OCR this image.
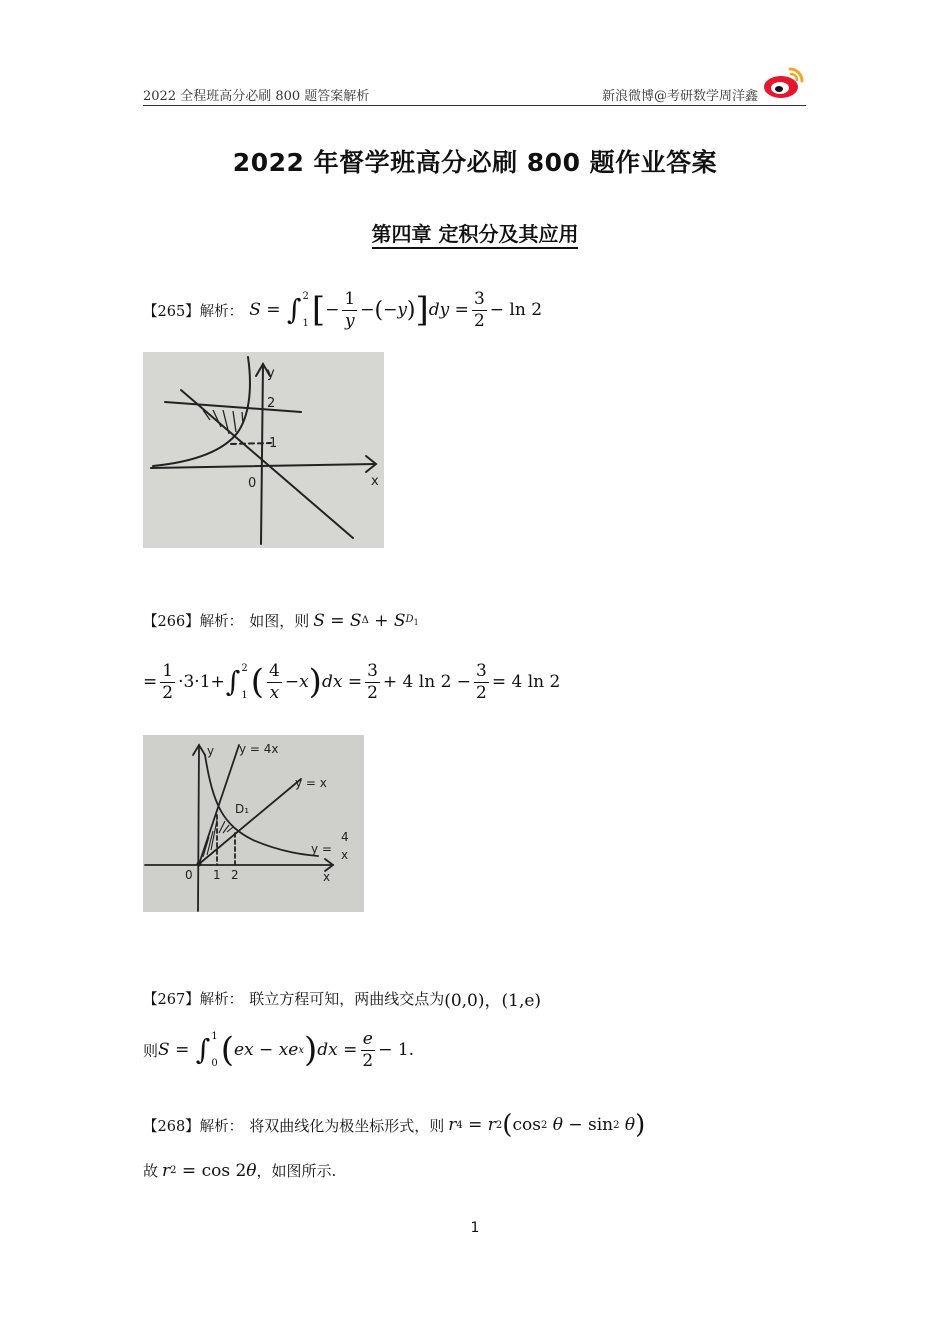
2022 全程班高分必刷 800 题答案解析	新浪微博@考研数学周洋鑫
2022 年督学班高分必刷 800 题作业答案
第四章 定积分及其应用
【265】解析： S = ∫ 2
1 [ − $\frac{1}{y}$ − ( − y ) ] dy = $\frac{3}{2} - \ln 2$
y
x
0
2
1
【266】解析： 如图，则 S = S Δ + S $D_1$
= $\frac{1}{2} \cdot 3\cdot 1+$ ∫ 2
1 ( $\frac{4}{x} - x$ ) dx = $\frac{3}{2} + 4$ $\ln 2 - \frac{3}{2} = 4$ ln 2
y y = 4x
y = x
D₁
y =
4
x
x
0 1 2
【267】解析： 联立方程可知，两曲线交点为 (0,0)，(1,e)
则 S = ∫ 1
0 ( ex − xe x ) dx = $\frac{e}{2} - 1$.
【268】解析： 将双曲线化为极坐标形式，则 r 4 = r 2 ( cos 2
θ − sin 2
θ )
故 r 2 = cos 2 θ ，如图所示.
1
